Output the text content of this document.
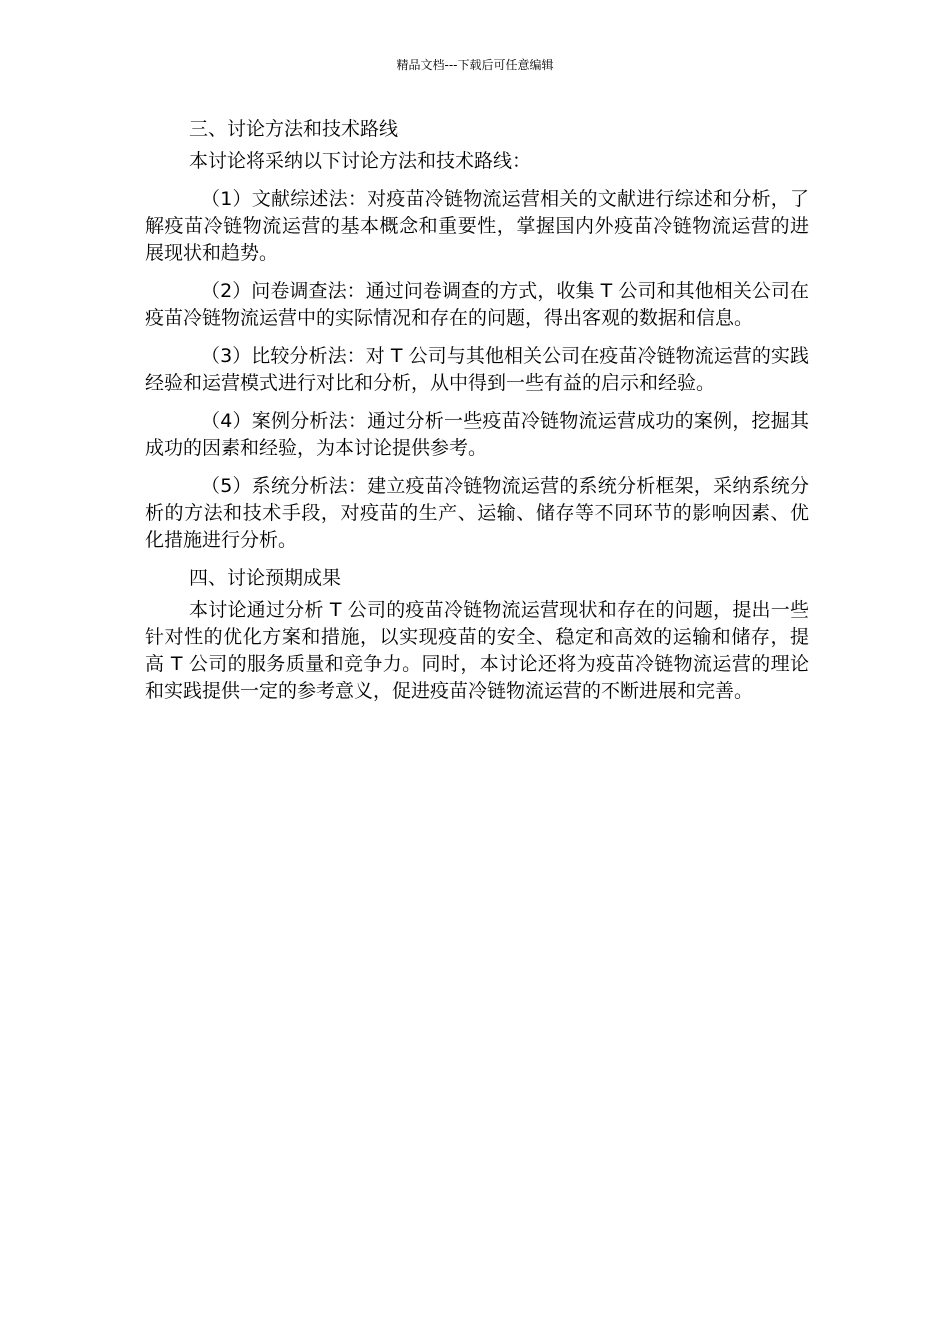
精品文档---下载后可任意编辑
三、讨论方法和技术路线

本讨论将采纳以下讨论方法和技术路线：

（1）文献综述法：对疫苗冷链物流运营相关的文献进行综述和分析，了解疫苗冷链物流运营的基本概念和重要性，掌握国内外疫苗冷链物流运营的进展现状和趋势。

（2）问卷调查法：通过问卷调查的方式，收集 T 公司和其他相关公司在疫苗冷链物流运营中的实际情况和存在的问题，得出客观的数据和信息。

（3）比较分析法：对 T 公司与其他相关公司在疫苗冷链物流运营的实践经验和运营模式进行对比和分析，从中得到一些有益的启示和经验。

（4）案例分析法：通过分析一些疫苗冷链物流运营成功的案例，挖掘其成功的因素和经验，为本讨论提供参考。

（5）系统分析法：建立疫苗冷链物流运营的系统分析框架，采纳系统分析的方法和技术手段，对疫苗的生产、运输、储存等不同环节的影响因素、优化措施进行分析。

四、讨论预期成果

本讨论通过分析 T 公司的疫苗冷链物流运营现状和存在的问题，提出一些针对性的优化方案和措施，以实现疫苗的安全、稳定和高效的运输和储存，提高 T 公司的服务质量和竞争力。同时，本讨论还将为疫苗冷链物流运营的理论和实践提供一定的参考意义，促进疫苗冷链物流运营的不断进展和完善。
